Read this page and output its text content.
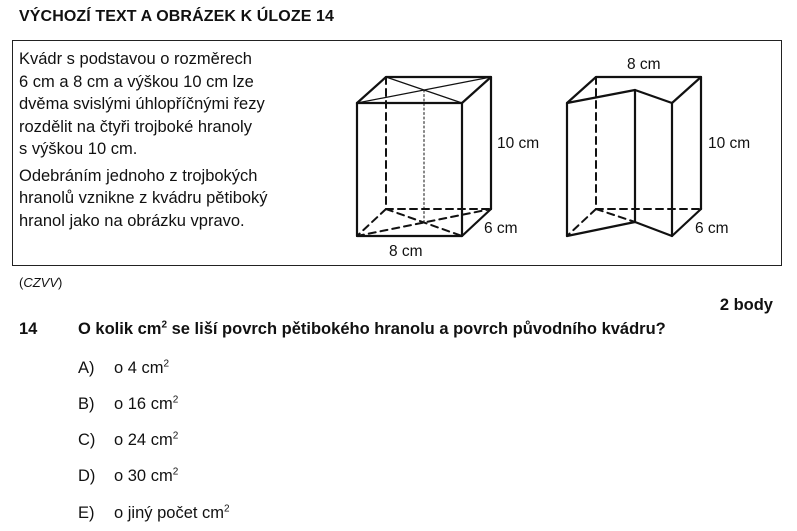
VÝCHOZÍ TEXT A OBRÁZEK K ÚLOZE 14

Kvádr s podstavou o rozměrech
6 cm a 8 cm a výškou 10 cm lze
dvěma svislými úhlopříčnými řezy
rozdělit na čtyři trojboké hranoly
s výškou 10 cm.

Odebráním jednoho z trojbokých
hranolů vznikne z kvádru pětiboký
hranol jako na obrázku vpravo.

10 cm
6 cm
8 cm
8 cm
10 cm
6 cm
(CZVV)
2 body
14 O kolik $cm^2$ se liší povrch pětibokého hranolu a povrch původního kvádru?
A) o 4 $cm^2$
B) o 16 $cm^2$
C) o 24 $cm^2$
D) o 30 $cm^2$
E) o jiný počet $cm^2$
